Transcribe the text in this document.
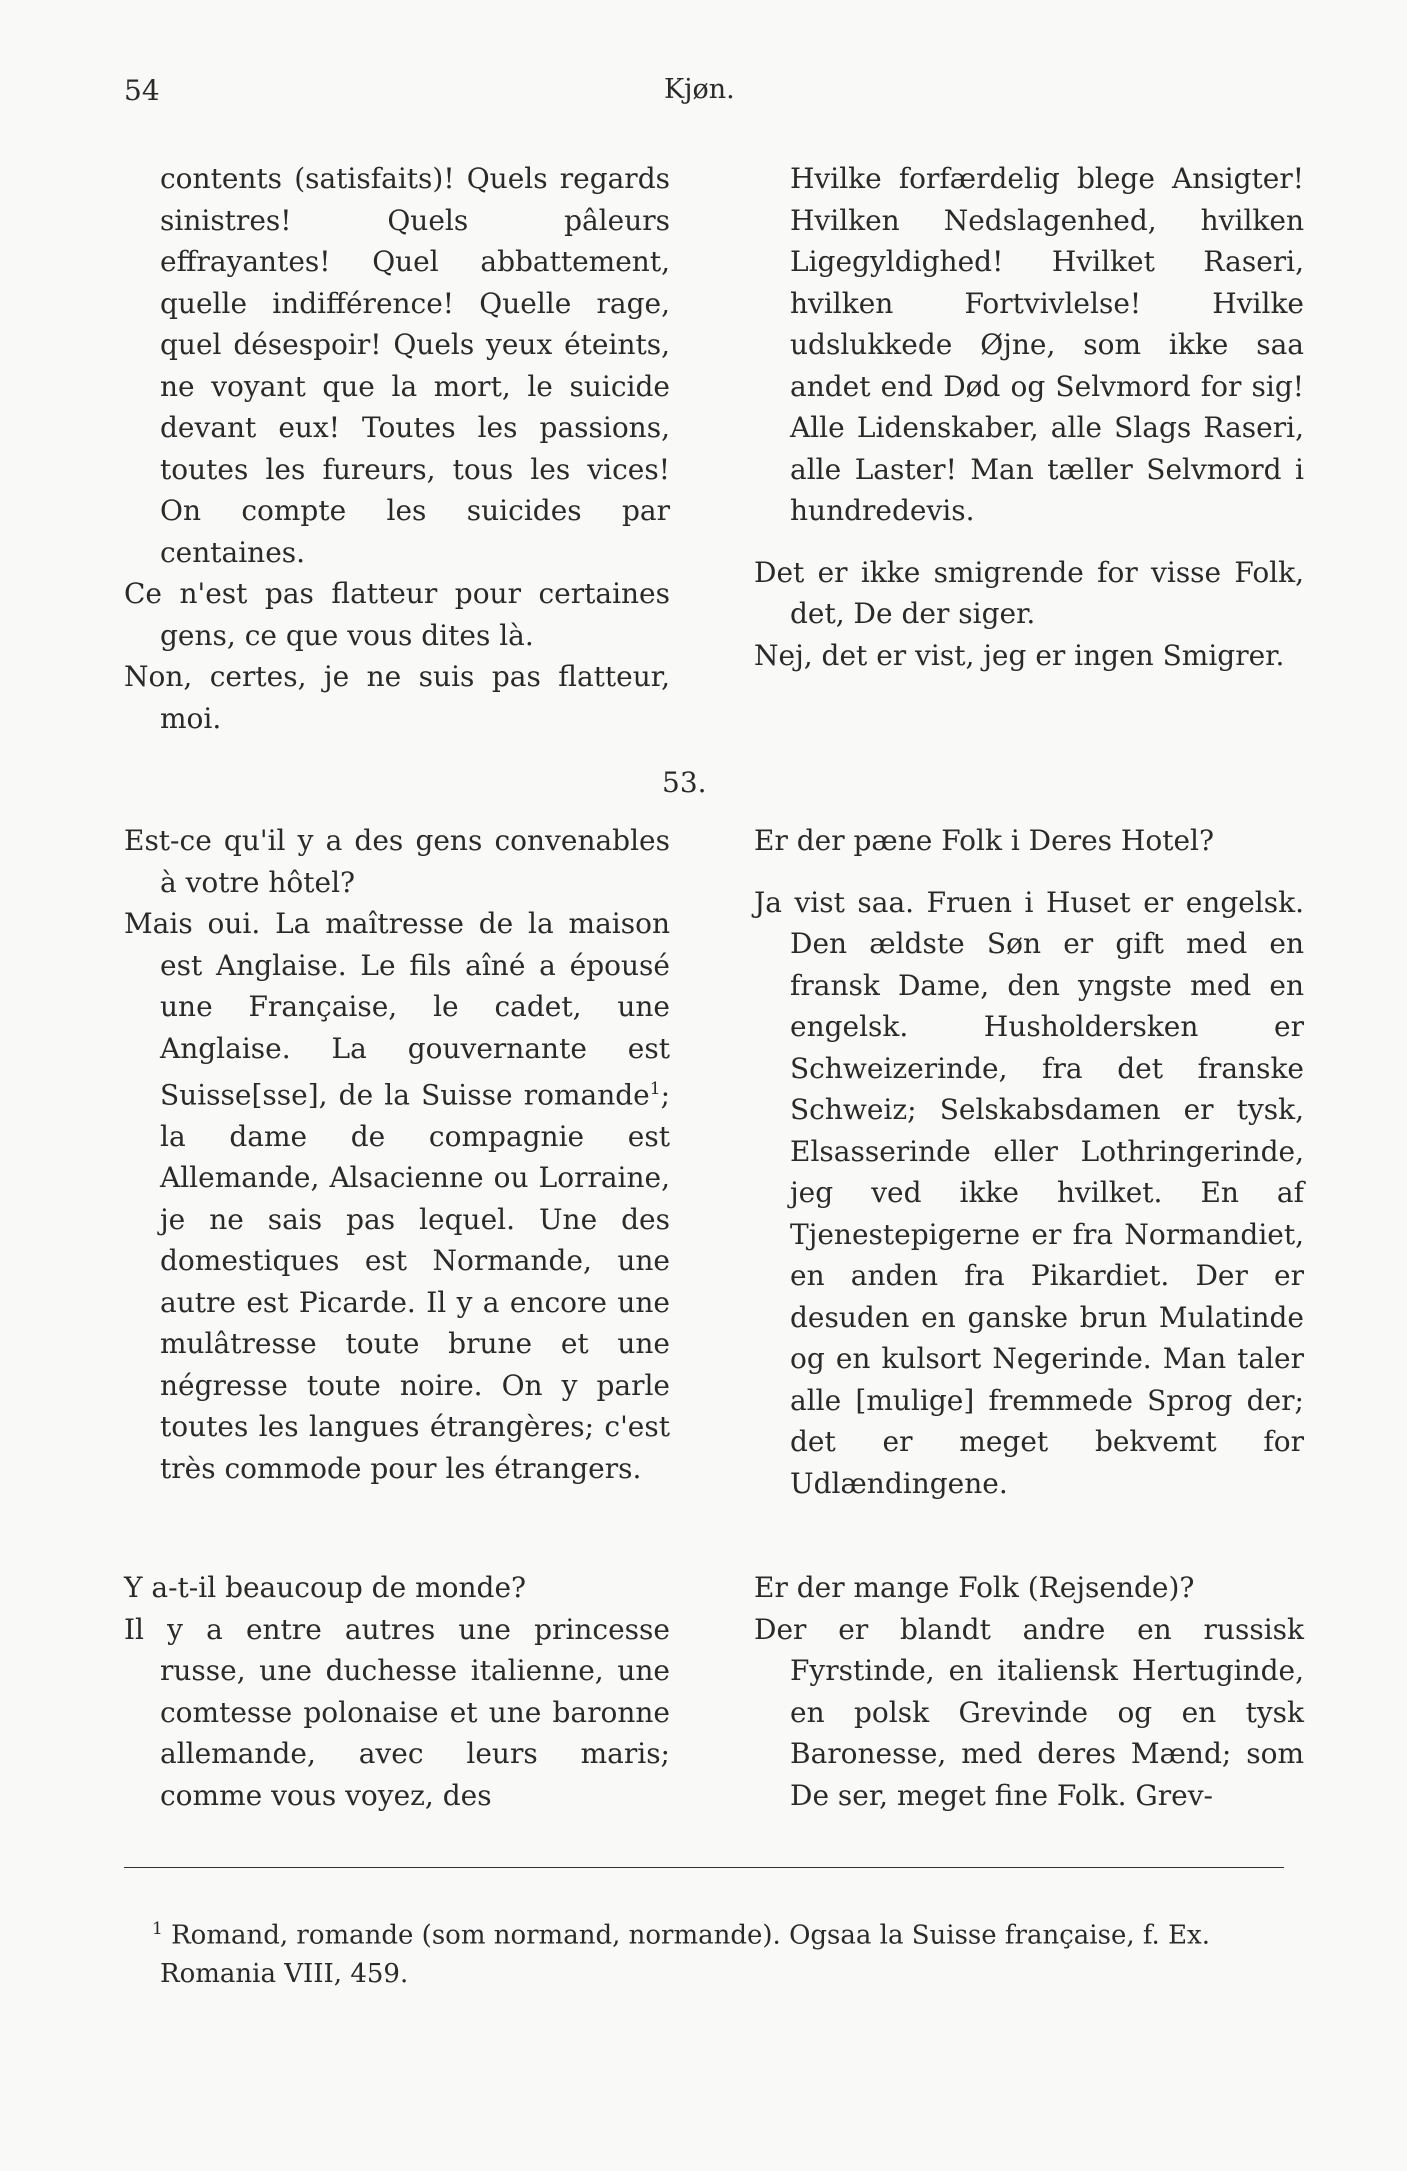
54	Kjøn.

contents (satisfaits)! Quels regards sinistres! Quels pâleurs effrayantes! Quel abbattement, quelle indifférence! Quelle rage, quel désespoir! Quels yeux éteints, ne voyant que la mort, le suicide devant eux! Toutes les passions, toutes les fureurs, tous les vices! On compte les suicides par centaines.

Ce n'est pas flatteur pour certaines gens, ce que vous dites là.

Non, certes, je ne suis pas flatteur, moi.

Hvilke forfærdelig blege Ansigter! Hvilken Nedslagenhed, hvilken Ligegyldighed! Hvilket Raseri, hvilken Fortvivlelse! Hvilke udslukkede Øjne, som ikke saa andet end Død og Selvmord for sig! Alle Lidenskaber, alle Slags Raseri, alle Laster! Man tæller Selvmord i hundredevis.

Det er ikke smigrende for visse Folk, det, De der siger.

Nej, det er vist, jeg er ingen Smigrer.

53.

Est-ce qu'il y a des gens convenables à votre hôtel?

Mais oui. La maîtresse de la maison est Anglaise. Le fils aîné a épousé une Française, le cadet, une Anglaise. La gouvernante est Suisse[sse], de la Suisse romande$^1$; la dame de compagnie est Allemande, Alsacienne ou Lorraine, je ne sais pas lequel. Une des domestiques est Normande, une autre est Picarde. Il y a encore une mulâtresse toute brune et une négresse toute noire. On y parle toutes les langues étrangères; c'est très commode pour les étrangers.

Er der pæne Folk i Deres Hotel?

Ja vist saa. Fruen i Huset er engelsk. Den ældste Søn er gift med en fransk Dame, den yngste med en engelsk. Husholdersken er Schweizerinde, fra det franske Schweiz; Selskabsdamen er tysk, Elsasserinde eller Lothringerinde, jeg ved ikke hvilket. En af Tjenestepigerne er fra Normandiet, en anden fra Pikardiet. Der er desuden en ganske brun Mulatinde og en kulsort Negerinde. Man taler alle [mulige] fremmede Sprog der; det er meget bekvemt for Udlændingene.

Y a-t-il beaucoup de monde?

Il y a entre autres une princesse russe, une duchesse italienne, une comtesse polonaise et une baronne allemande, avec leurs maris; comme vous voyez, des

Er der mange Folk (Rejsende)?

Der er blandt andre en russisk Fyrstinde, en italiensk Hertuginde, en polsk Grevinde og en tysk Baronesse, med deres Mænd; som De ser, meget fine Folk. Grev-

$^1$ Romand, romande (som normand, normande). Ogsaa la Suisse française, f. Ex. Romania VIII, 459.
